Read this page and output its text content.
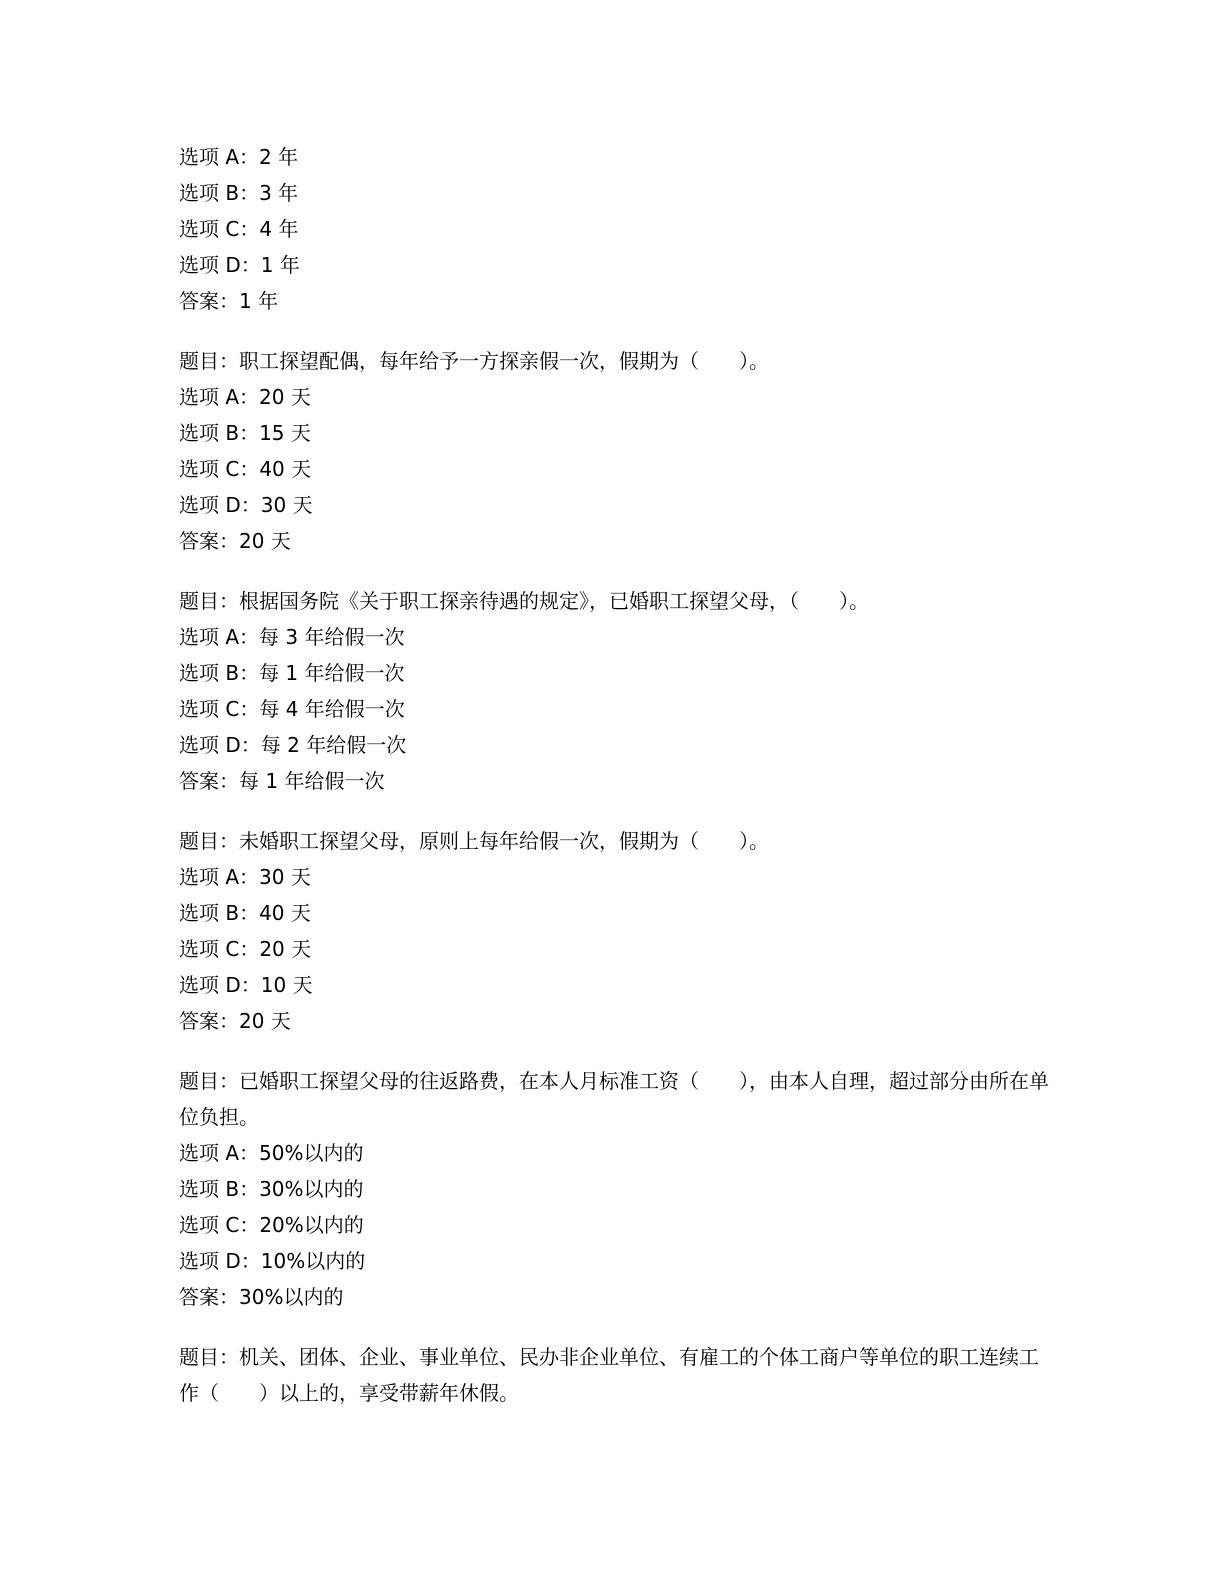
选项 A：2 年
选项 B：3 年
选项 C：4 年
选项 D：1 年
答案：1 年
题目：职工探望配偶，每年给予一方探亲假一次，假期为（　　）。
选项 A：20 天
选项 B：15 天
选项 C：40 天
选项 D：30 天
答案：20 天
题目：根据国务院《关于职工探亲待遇的规定》，已婚职工探望父母，（　　）。
选项 A：每 3 年给假一次
选项 B：每 1 年给假一次
选项 C：每 4 年给假一次
选项 D：每 2 年给假一次
答案：每 1 年给假一次
题目：未婚职工探望父母，原则上每年给假一次，假期为（　　）。
选项 A：30 天
选项 B：40 天
选项 C：20 天
选项 D：10 天
答案：20 天
题目：已婚职工探望父母的往返路费，在本人月标准工资（　　），由本人自理，超过部分由所在单位负担。
选项 A：50%以内的
选项 B：30%以内的
选项 C：20%以内的
选项 D：10%以内的
答案：30%以内的
题目：机关、团体、企业、事业单位、民办非企业单位、有雇工的个体工商户等单位的职工连续工作（　　）以上的，享受带薪年休假。
